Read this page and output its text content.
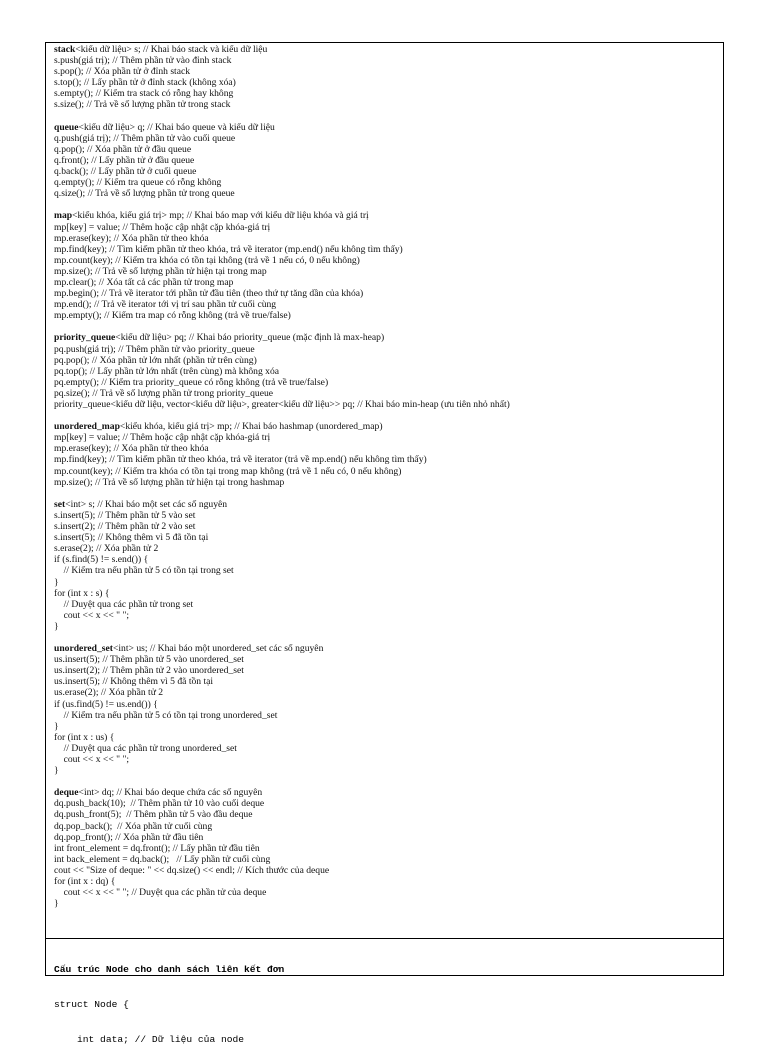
stack<kiểu dữ liệu> s; // Khai báo stack và kiểu dữ liệu
s.push(giá trị); // Thêm phần tử vào đỉnh stack
s.pop(); // Xóa phần tử ở đỉnh stack
s.top(); // Lấy phần tử ở đỉnh stack (không xóa)
s.empty(); // Kiểm tra stack có rỗng hay không
s.size(); // Trả về số lượng phần tử trong stack
queue<kiểu dữ liệu> q; // Khai báo queue và kiểu dữ liệu
q.push(giá trị); // Thêm phần tử vào cuối queue
q.pop(); // Xóa phần tử ở đầu queue
q.front(); // Lấy phần tử ở đầu queue
q.back(); // Lấy phần tử ở cuối queue
q.empty(); // Kiểm tra queue có rỗng không
q.size(); // Trả về số lượng phần tử trong queue
map<kiểu khóa, kiểu giá trị> mp; // Khai báo map với kiểu dữ liệu khóa và giá trị
mp[key] = value; // Thêm hoặc cập nhật cặp khóa-giá trị
mp.erase(key); // Xóa phần tử theo khóa
mp.find(key); // Tìm kiếm phần tử theo khóa, trả về iterator (mp.end() nếu không tìm thấy)
mp.count(key); // Kiểm tra khóa có tồn tại không (trả về 1 nếu có, 0 nếu không)
mp.size(); // Trả về số lượng phần tử hiện tại trong map
mp.clear(); // Xóa tất cả các phần tử trong map
mp.begin(); // Trả về iterator tới phần tử đầu tiên (theo thứ tự tăng dần của khóa)
mp.end(); // Trả về iterator tới vị trí sau phần tử cuối cùng
mp.empty(); // Kiểm tra map có rỗng không (trả về true/false)
priority_queue<kiểu dữ liệu> pq; // Khai báo priority_queue (mặc định là max-heap)
pq.push(giá trị); // Thêm phần tử vào priority_queue
pq.pop(); // Xóa phần tử lớn nhất (phần tử trên cùng)
pq.top(); // Lấy phần tử lớn nhất (trên cùng) mà không xóa
pq.empty(); // Kiểm tra priority_queue có rỗng không (trả về true/false)
pq.size(); // Trả về số lượng phần tử trong priority_queue
priority_queue<kiểu dữ liệu, vector<kiểu dữ liệu>, greater<kiểu dữ liệu>> pq; // Khai báo min-heap (ưu tiên nhỏ nhất)
unordered_map<kiểu khóa, kiểu giá trị> mp; // Khai báo hashmap (unordered_map)
mp[key] = value; // Thêm hoặc cập nhật cặp khóa-giá trị
mp.erase(key); // Xóa phần tử theo khóa
mp.find(key); // Tìm kiếm phần tử theo khóa, trả về iterator (trả về mp.end() nếu không tìm thấy)
mp.count(key); // Kiểm tra khóa có tồn tại trong map không (trả về 1 nếu có, 0 nếu không)
mp.size(); // Trả về số lượng phần tử hiện tại trong hashmap
set<int> s; // Khai báo một set các số nguyên
s.insert(5); // Thêm phần tử 5 vào set
s.insert(2); // Thêm phần tử 2 vào set
s.insert(5); // Không thêm vì 5 đã tồn tại
s.erase(2); // Xóa phần tử 2
if (s.find(5) != s.end()) {
// Kiểm tra nếu phần tử 5 có tồn tại trong set
}
for (int x : s) {
// Duyệt qua các phần tử trong set
cout << x << " ";
}
unordered_set<int> us; // Khai báo một unordered_set các số nguyên
us.insert(5); // Thêm phần tử 5 vào unordered_set
us.insert(2); // Thêm phần tử 2 vào unordered_set
us.insert(5); // Không thêm vì 5 đã tồn tại
us.erase(2); // Xóa phần tử 2
if (us.find(5) != us.end()) {
// Kiểm tra nếu phần tử 5 có tồn tại trong unordered_set
}
for (int x : us) {
// Duyệt qua các phần tử trong unordered_set
cout << x << " ";
}
deque<int> dq; // Khai báo deque chứa các số nguyên
dq.push_back(10);  // Thêm phần tử 10 vào cuối deque
dq.push_front(5);  // Thêm phần tử 5 vào đầu deque
dq.pop_back();  // Xóa phần tử cuối cùng
dq.pop_front(); // Xóa phần tử đầu tiên
int front_element = dq.front(); // Lấy phần tử đầu tiên
int back_element = dq.back();   // Lấy phần tử cuối cùng
cout << "Size of deque: " << dq.size() << endl; // Kích thước của deque
for (int x : dq) {
cout << x << " "; // Duyệt qua các phần tử của deque
}

Cấu trúc Node cho danh sách liên kết đơn

struct Node {

int data; // Dữ liệu của node
